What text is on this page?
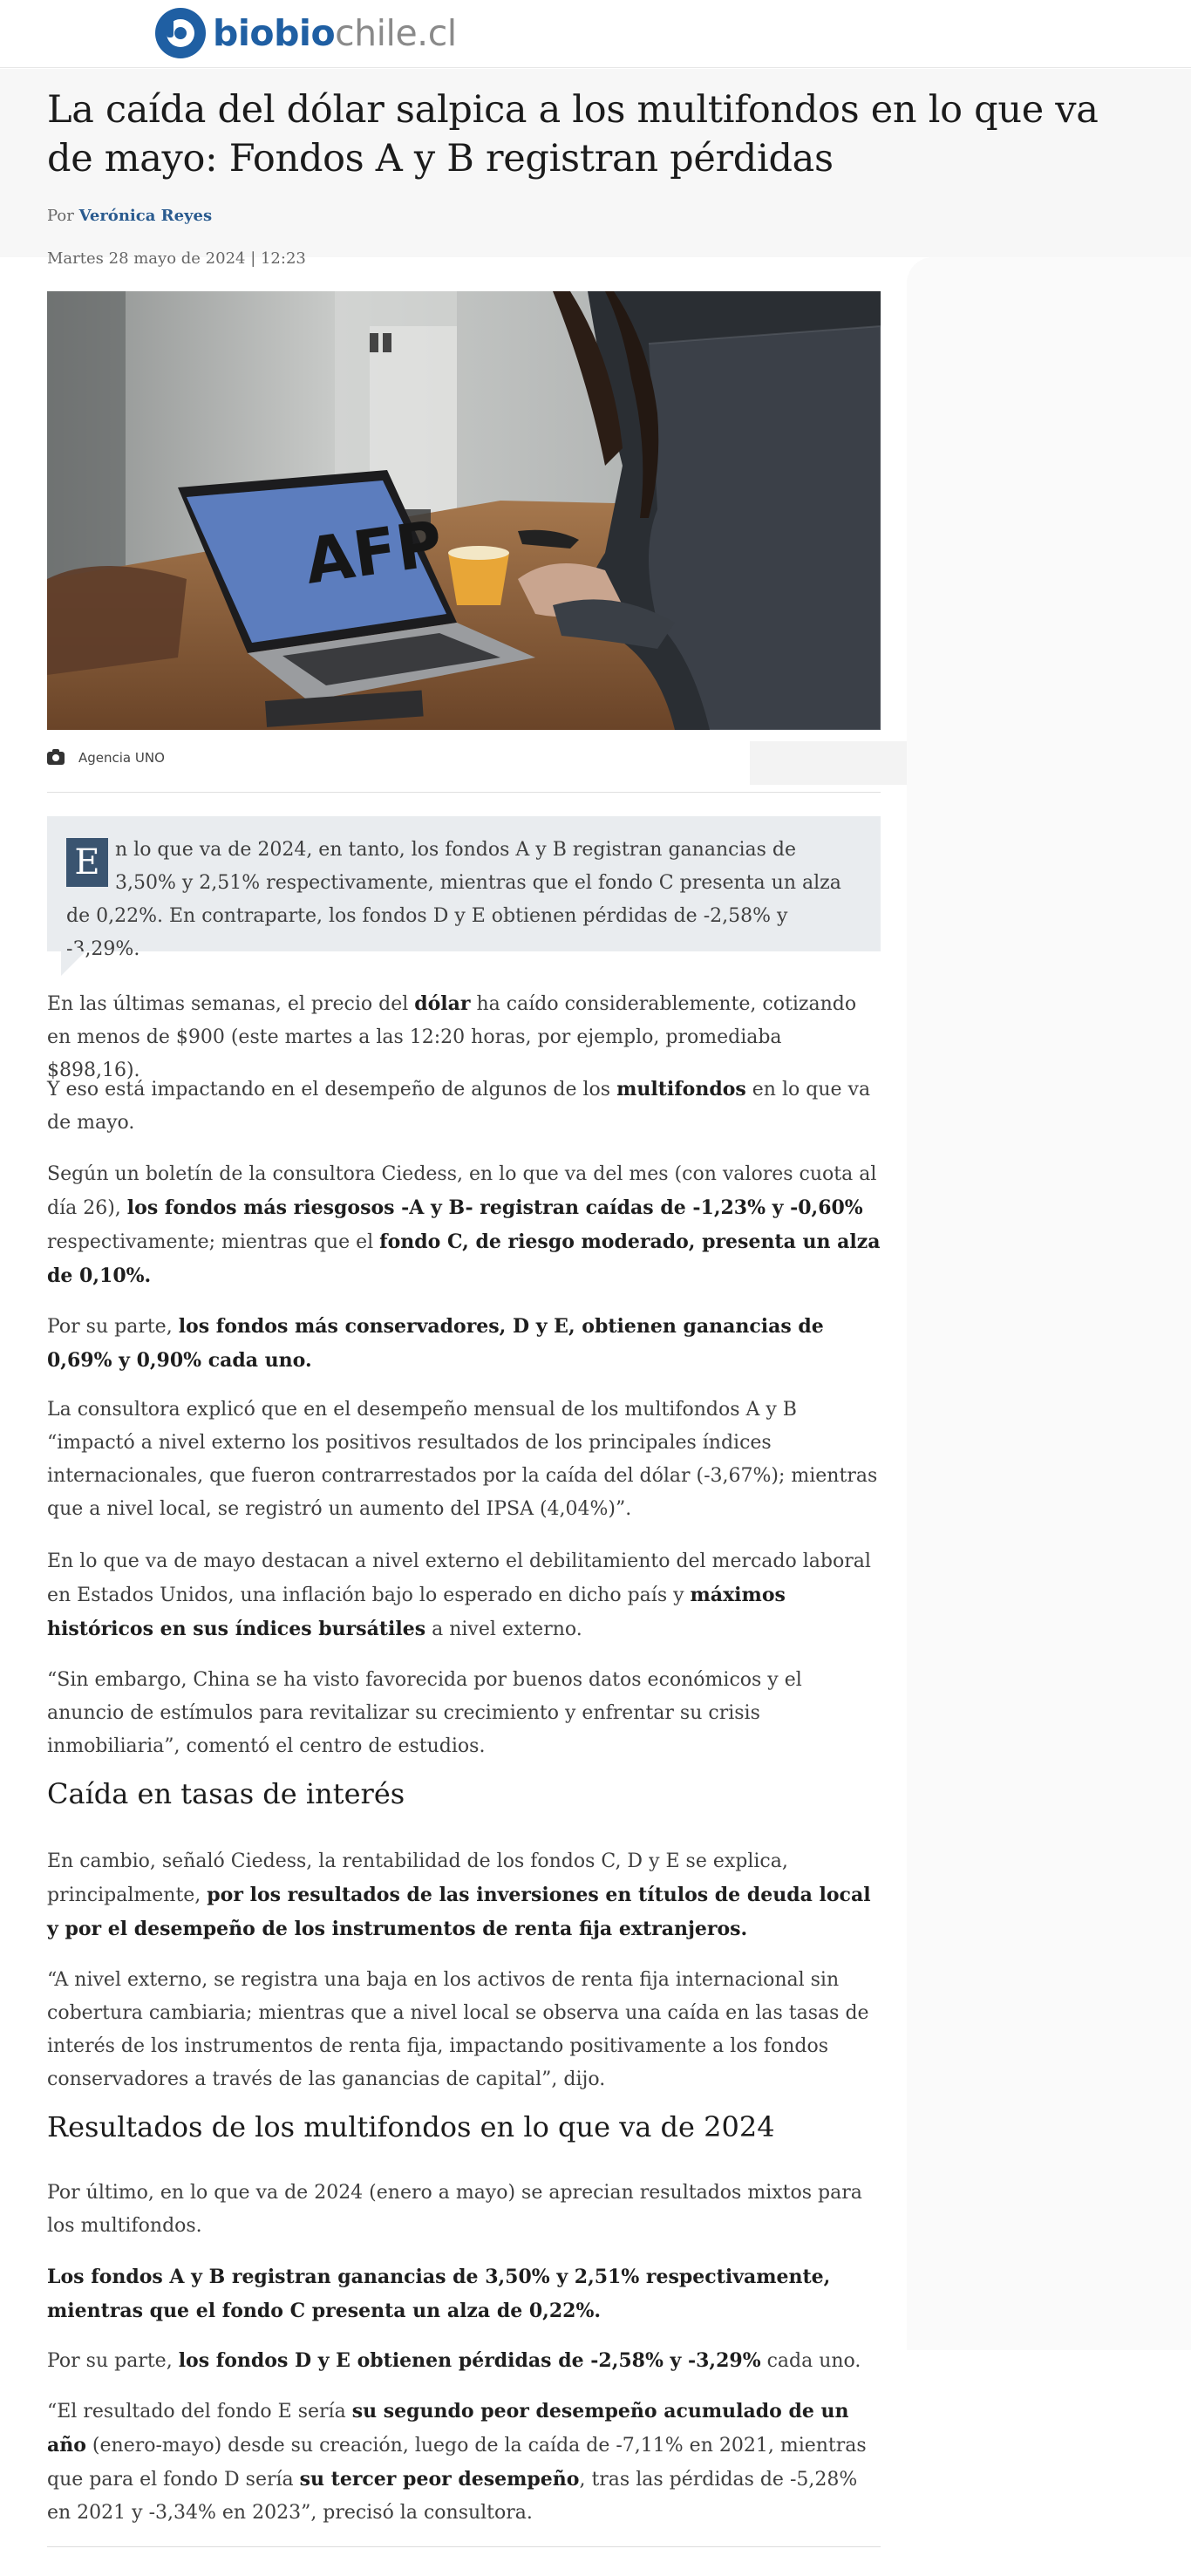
biobiochile.cl
La caída del dólar salpica a los multifondos en lo que va de mayo: Fondos A y B registran pérdidas
Por Verónica Reyes
Martes 28 mayo de 2024 | 12:23
AFP
Agencia UNO

E n lo que va de 2024, en tanto, los fondos A y B registran ganancias de 3,50% y 2,51% respectivamente, mientras que el fondo C presenta un alza de 0,22%. En contraparte, los fondos D y E obtienen pérdidas de -2,58% y -3,29%.

En las últimas semanas, el precio del dólar ha caído considerablemente, cotizando en menos de $900 (este martes a las 12:20 horas, por ejemplo, promediaba $898,16).

Y eso está impactando en el desempeño de algunos de los multifondos en lo que va de mayo.

Según un boletín de la consultora Ciedess, en lo que va del mes (con valores cuota al día 26), los fondos más riesgosos -A y B- registran caídas de -1,23% y -0,60% respectivamente; mientras que el fondo C, de riesgo moderado, presenta un alza de 0,10%.

Por su parte, los fondos más conservadores, D y E, obtienen ganancias de 0,69% y 0,90% cada uno.

La consultora explicó que en el desempeño mensual de los multifondos A y B “impactó a nivel externo los positivos resultados de los principales índices internacionales, que fueron contrarrestados por la caída del dólar (-3,67%); mientras que a nivel local, se registró un aumento del IPSA (4,04%)”.

En lo que va de mayo destacan a nivel externo el debilitamiento del mercado laboral en Estados Unidos, una inflación bajo lo esperado en dicho país y máximos históricos en sus índices bursátiles a nivel externo.

“Sin embargo, China se ha visto favorecida por buenos datos económicos y el anuncio de estímulos para revitalizar su crecimiento y enfrentar su crisis inmobiliaria”, comentó el centro de estudios.

Caída en tasas de interés

En cambio, señaló Ciedess, la rentabilidad de los fondos C, D y E se explica, principalmente, por los resultados de las inversiones en títulos de deuda local y por el desempeño de los instrumentos de renta fija extranjeros.

“A nivel externo, se registra una baja en los activos de renta fija internacional sin cobertura cambiaria; mientras que a nivel local se observa una caída en las tasas de interés de los instrumentos de renta fija, impactando positivamente a los fondos conservadores a través de las ganancias de capital”, dijo.

Resultados de los multifondos en lo que va de 2024

Por último, en lo que va de 2024 (enero a mayo) se aprecian resultados mixtos para los multifondos.

Los fondos A y B registran ganancias de 3,50% y 2,51% respectivamente, mientras que el fondo C presenta un alza de 0,22%.

Por su parte, los fondos D y E obtienen pérdidas de -2,58% y -3,29% cada uno.

“El resultado del fondo E sería su segundo peor desempeño acumulado de un año (enero-mayo) desde su creación, luego de la caída de -7,11% en 2021, mientras que para el fondo D sería su tercer peor desempeño, tras las pérdidas de -5,28% en 2021 y -3,34% en 2023”, precisó la consultora.
